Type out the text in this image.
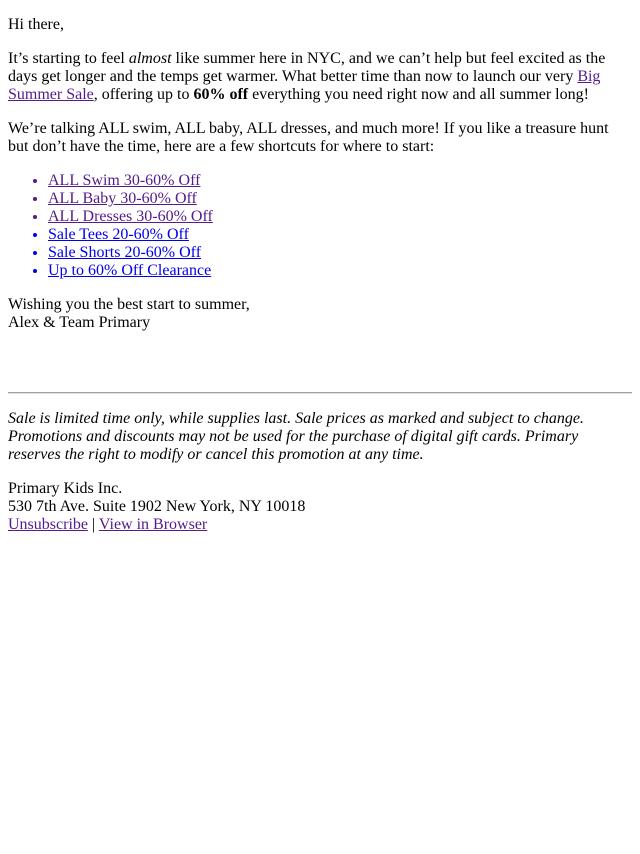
Hi there,

It’s starting to feel almost like summer here in NYC, and we can’t help but feel excited as the days get longer and the temps get warmer. What better time than now to launch our very Big Summer Sale, offering up to 60% off everything you need right now and all summer long!

We’re talking ALL swim, ALL baby, ALL dresses, and much more! If you like a treasure hunt but don’t have the time, here are a few shortcuts for where to start:

• ALL Swim 30-60% Off
• ALL Baby 30-60% Off
• ALL Dresses 30-60% Off
• Sale Tees 20-60% Off
• Sale Shorts 20-60% Off
• Up to 60% Off Clearance

Wishing you the best start to summer,
Alex & Team Primary

Sale is limited time only, while supplies last. Sale prices as marked and subject to change. Promotions and discounts may not be used for the purchase of digital gift cards. Primary reserves the right to modify or cancel this promotion at any time.

Primary Kids Inc.
530 7th Ave. Suite 1902 New York, NY 10018
Unsubscribe | View in Browser
